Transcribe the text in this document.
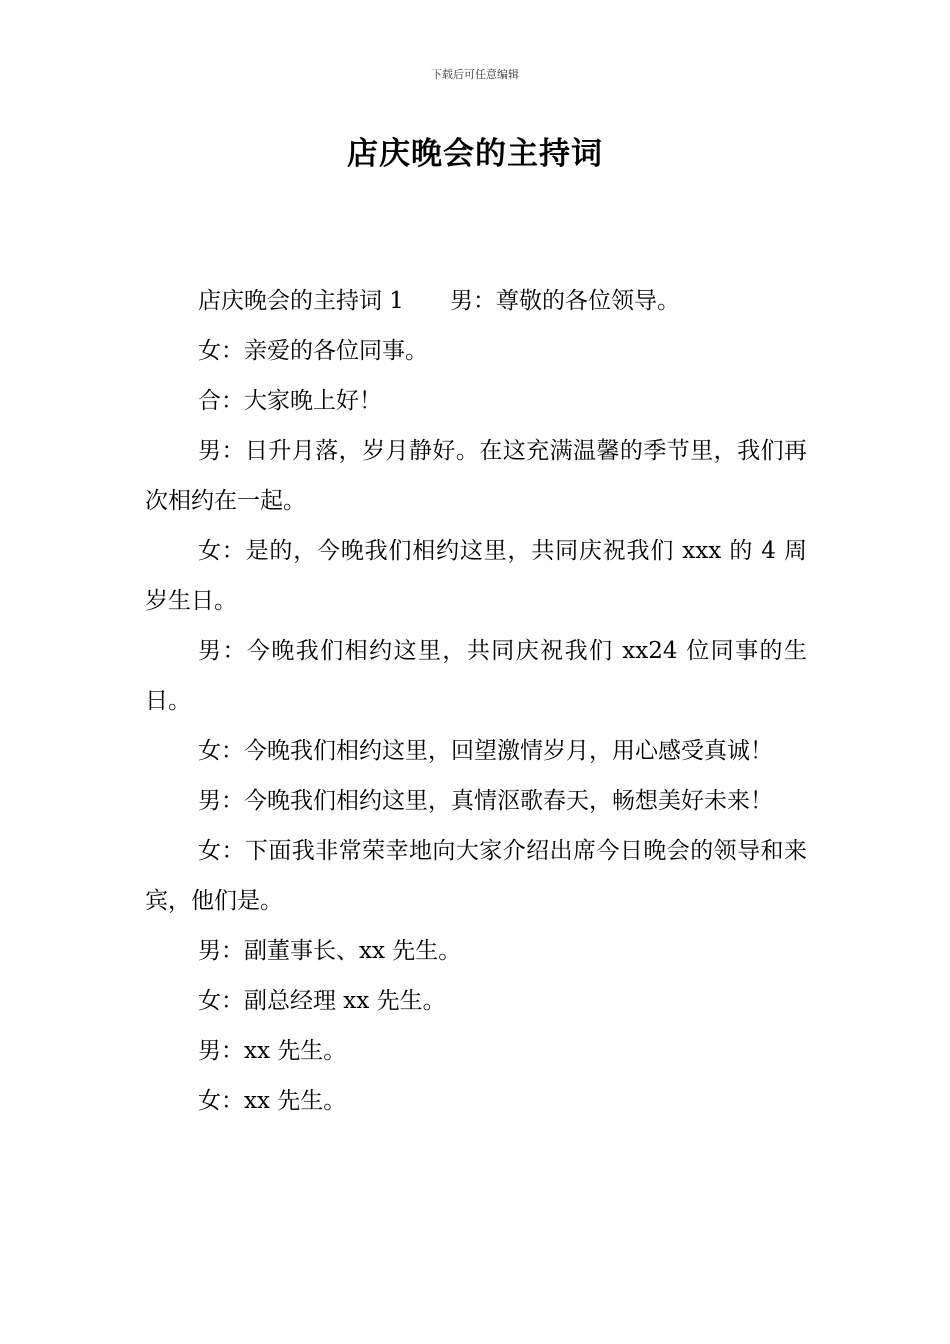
下载后可任意编辑
店庆晚会的主持词

店庆晚会的主持词 1　　男：尊敬的各位领导。

女：亲爱的各位同事。

合：大家晚上好！

男：日升月落，岁月静好。在这充满温馨的季节里，我们再次相约在一起。

女：是的，今晚我们相约这里，共同庆祝我们 xxx 的 4 周岁生日。

男：今晚我们相约这里，共同庆祝我们 xx24 位同事的生日。

女：今晚我们相约这里，回望激情岁月，用心感受真诚！

男：今晚我们相约这里，真情沤歌春天，畅想美好未来！

女：下面我非常荣幸地向大家介绍出席今日晚会的领导和来宾，他们是。

男：副董事长、xx 先生。

女：副总经理 xx 先生。

男：xx 先生。

女：xx 先生。
